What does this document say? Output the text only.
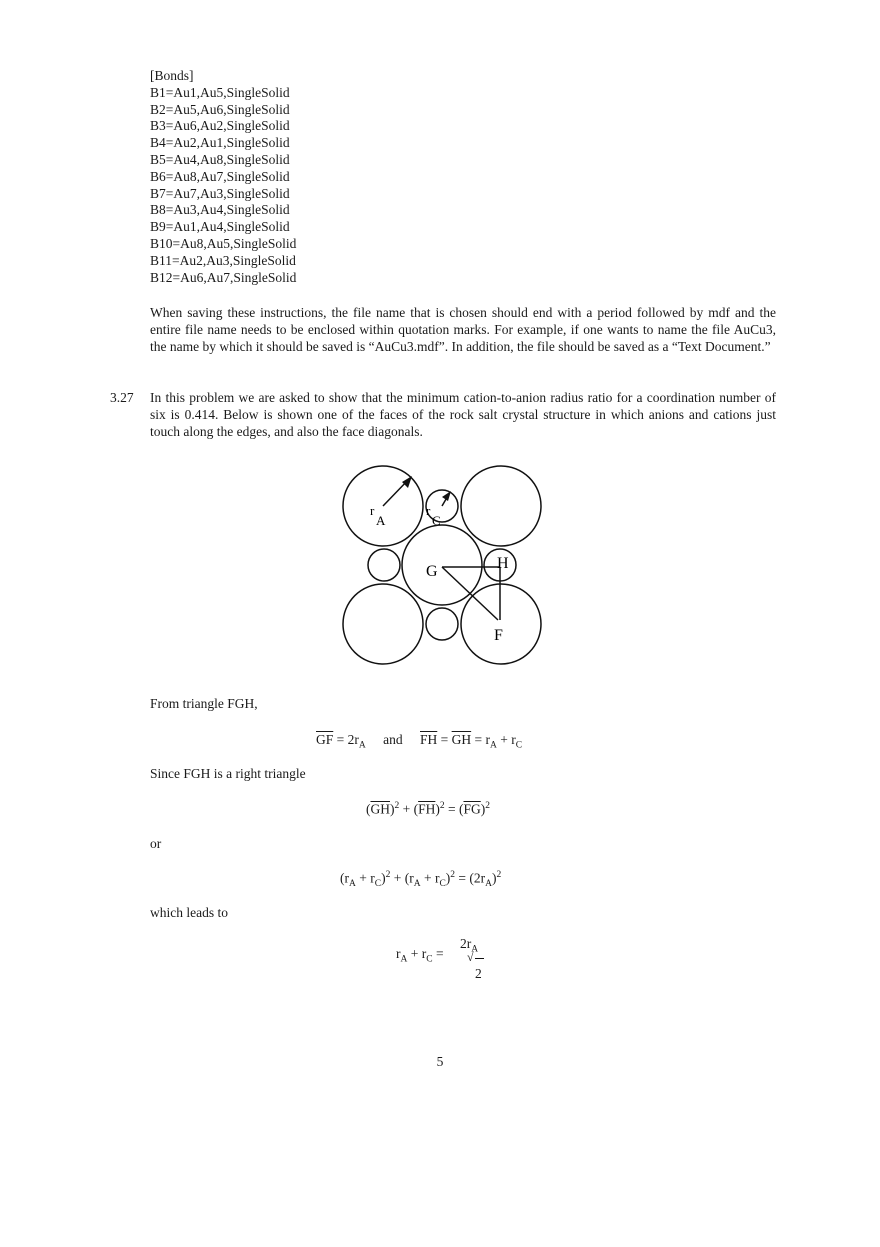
[Bonds]
B1=Au1,Au5,SingleSolid
B2=Au5,Au6,SingleSolid
B3=Au6,Au2,SingleSolid
B4=Au2,Au1,SingleSolid
B5=Au4,Au8,SingleSolid
B6=Au8,Au7,SingleSolid
B7=Au7,Au3,SingleSolid
B8=Au3,Au4,SingleSolid
B9=Au1,Au4,SingleSolid
B10=Au8,Au5,SingleSolid
B11=Au2,Au3,SingleSolid
B12=Au6,Au7,SingleSolid
When saving these instructions, the file name that is chosen should end with a period followed by mdf and the entire file name needs to be enclosed within quotation marks. For example, if one wants to name the file AuCu3, the name by which it should be saved is “AuCu3.mdf”. In addition, the file should be saved as a “Text Document.”
3.27 In this problem we are asked to show that the minimum cation-to-anion radius ratio for a coordination number of six is 0.414. Below is shown one of the faces of the rock salt crystal structure in which anions and cations just touch along the edges, and also the face diagonals.
r
A
r
C
G	H
F
From triangle FGH,
$\overline{GF} = 2r_A$ and $\overline{FH} = \overline{GH} = r_A + r_C$
Since FGH is a right triangle
$(\overline{GH})^2 + (\overline{FH})^2 = (\overline{FG})^2$
or
$(r_A + r_C)^2 + (r_A + r_C)^2 = (2r_A)^2$
which leads to
$r_A + r_C$ =
$2r_A$
√
2
5
